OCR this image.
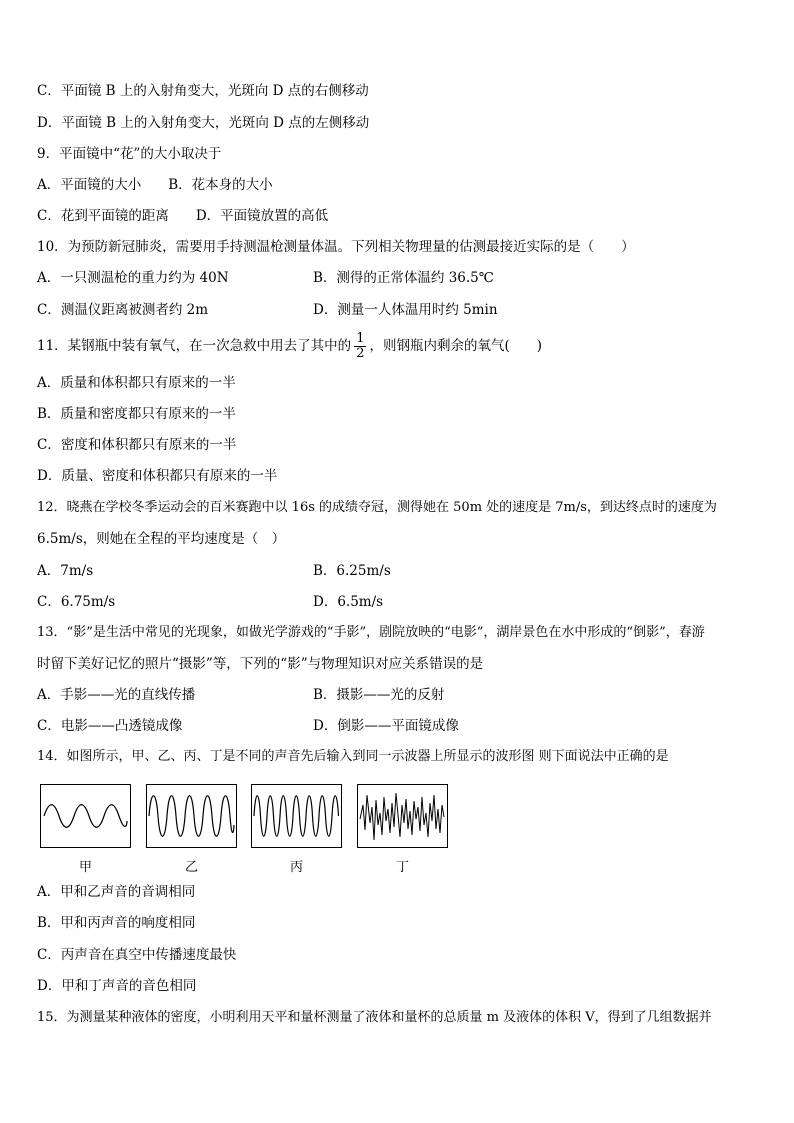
C．平面镜 B 上的入射角变大，光斑向 D 点的右侧移动
D．平面镜 B 上的入射角变大，光斑向 D 点的左侧移动
9．平面镜中“花”的大小取决于
A．平面镜的大小　　B．花本身的大小
C．花到平面镜的距离　　D．平面镜放置的高低
10．为预防新冠肺炎，需要用手持测温枪测量体温。下列相关物理量的估测最接近实际的是（　　）
A．一只测温枪的重力约为 40N	B．测得的正常体温约 36.5℃
C．测温仪距离被测者约 2m	D．测量一人体温用时约 5min
11．某钢瓶中装有氧气，在一次急救中用去了其中的 $\frac{1}{2}$ ，则钢瓶内剩余的氧气(　　)
A．质量和体积都只有原来的一半
B．质量和密度都只有原来的一半
C．密度和体积都只有原来的一半
D．质量、密度和体积都只有原来的一半
12．晓燕在学校冬季运动会的百米赛跑中以 16s 的成绩夺冠，测得她在 50m 处的速度是 7m/s，到达终点时的速度为
6.5m/s，则她在全程的平均速度是（　）
A．7m/s	B．6.25m/s
C．6.75m/s	D．6.5m/s
13．“影”是生活中常见的光现象，如做光学游戏的“手影”，剧院放映的“电影”，湖岸景色在水中形成的“倒影”，春游
时留下美好记忆的照片“摄影”等，下列的“影”与物理知识对应关系错误的是
A．手影——光的直线传播	B．摄影——光的反射
C．电影——凸透镜成像	D．倒影——平面镜成像
14．如图所示，甲、乙、丙、丁是不同的声音先后输入到同一示波器上所显示的波形图 则下面说法中正确的是
甲	乙	丙	丁
A．甲和乙声音的音调相同
B．甲和丙声音的响度相同
C．丙声音在真空中传播速度最快
D．甲和丁声音的音色相同
15．为测量某种液体的密度，小明利用天平和量杯测量了液体和量杯的总质量 m 及液体的体积 V，得到了几组数据并
